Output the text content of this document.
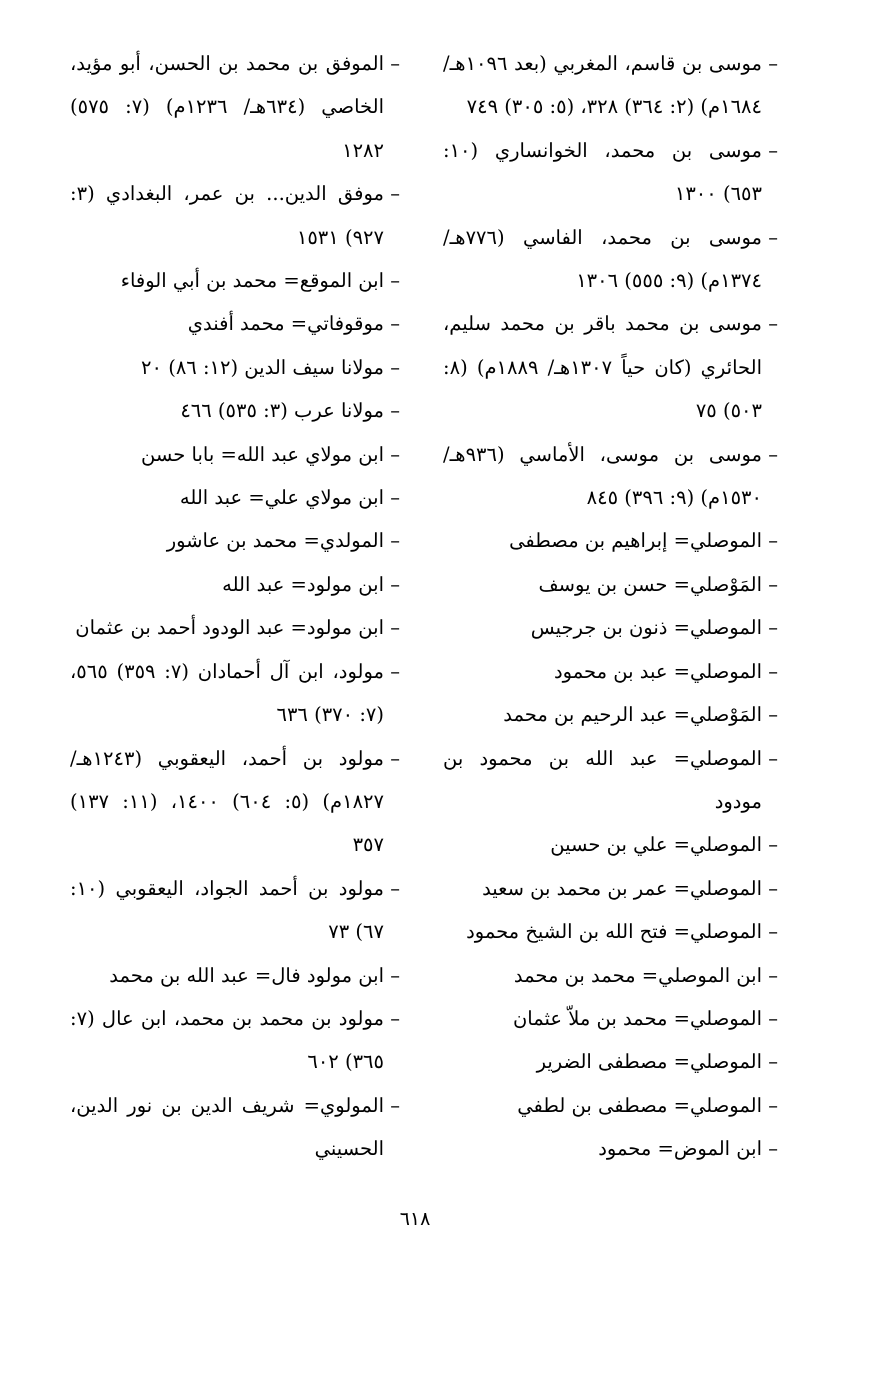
–موسى بن قاسم، المغربي (بعد ١٠٩٦هـ/ ١٦٨٤م) (٢: ٣٦٤) ٣٢٨، (٥: ٣٠٥) ٧٤٩

–موسى بن محمد، الخوانساري (١٠: ٦٥٣) ١٣٠٠

–موسى بن محمد، الفاسي (٧٧٦هـ/ ١٣٧٤م) (٩: ٥٥٥) ١٣٠٦

–موسى بن محمد باقر بن محمد سليم، الحائري (كان حياً ١٣٠٧هـ/ ١٨٨٩م) (٨: ٥٠٣) ٧٥

–موسى بن موسى، الأماسي (٩٣٦هـ/ ١٥٣٠م) (٩: ٣٩٦) ٨٤٥

–الموصلي= إبراهيم بن مصطفى

–المَوْصلي= حسن بن يوسف

–الموصلي= ذنون بن جرجيس

–الموصلي= عبد بن محمود

–المَوْصلي= عبد الرحيم بن محمد

–الموصلي= عبد الله بن محمود بن مودود

–الموصلي= علي بن حسين

–الموصلي= عمر بن محمد بن سعيد

–الموصلي= فتح الله بن الشيخ محمود

–ابن الموصلي= محمد بن محمد

–الموصلي= محمد بن ملاّ عثمان

–الموصلي= مصطفى الضرير

–الموصلي= مصطفى بن لطفي

–ابن الموض= محمود

–الموفق بن محمد بن الحسن، أبو مؤيد، الخاصي (٦٣٤هـ/ ١٢٣٦م) (٧: ٥٧٥) ١٢٨٢

–موفق الدين... بن عمر، البغدادي (٣: ٩٢٧) ١٥٣١

–ابن الموقع= محمد بن أبي الوفاء

–موقوفاتي= محمد أفندي

–مولانا سيف الدين (١٢: ٨٦) ٢٠

–مولانا عرب (٣: ٥٣٥) ٤٦٦

–ابن مولاي عبد الله= بابا حسن

–ابن مولاي علي= عبد الله

–المولدي= محمد بن عاشور

–ابن مولود= عبد الله

–ابن مولود= عبد الودود أحمد بن عثمان

–مولود، ابن آل أحمادان (٧: ٣٥٩) ٥٦٥، (٧: ٣٧٠) ٦٣٦

–مولود بن أحمد، اليعقوبي (١٢٤٣هـ/ ١٨٢٧م) (٥: ٦٠٤) ١٤٠٠، (١١: ١٣٧) ٣٥٧

–مولود بن أحمد الجواد، اليعقوبي (١٠: ٦٧) ٧٣

–ابن مولود فال= عبد الله بن محمد

–مولود بن محمد بن محمد، ابن عال (٧: ٣٦٥) ٦٠٢

–المولوي= شريف الدين بن نور الدين، الحسيني

٦١٨
